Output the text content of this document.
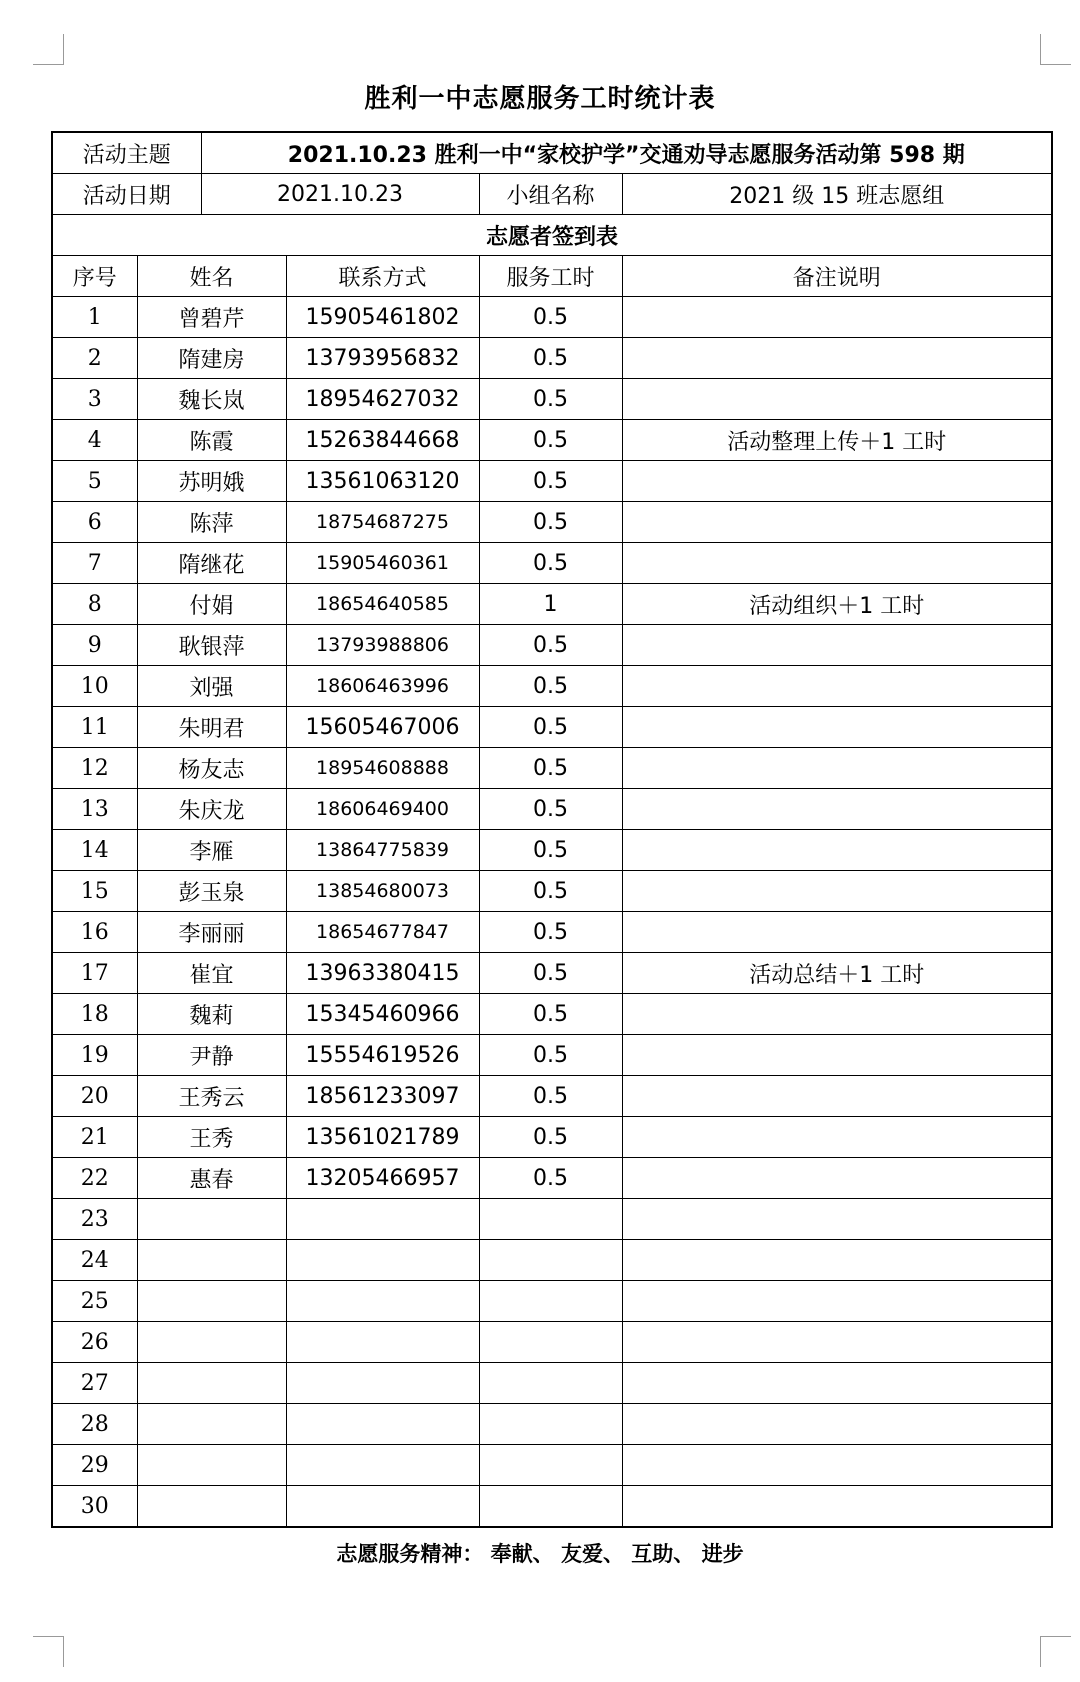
胜利一中志愿服务工时统计表
活动主题		2021.10.23 胜利一中“家校护学”交通劝导志愿服务活动第 598 期			
活动日期		2021.10.23		小组名称	2021 级 15 班志愿组
志愿者签到表					
序号	姓名		联系方式	服务工时	备注说明
1	曾碧芹		15905461802	0.5	
2	隋建房		13793956832	0.5	
3	魏长岚		18954627032	0.5	
4	陈霞		15263844668	0.5	活动整理上传＋1 工时
5	苏明娥		13561063120	0.5	
6	陈萍		18754687275	0.5	
7	隋继花		15905460361	0.5	
8	付娟		18654640585	1	活动组织＋1 工时
9	耿银萍		13793988806	0.5	
10	刘强		18606463996	0.5	
11	朱明君		15605467006	0.5	
12	杨友志		18954608888	0.5	
13	朱庆龙		18606469400	0.5	
14	李雁		13864775839	0.5	
15	彭玉泉		13854680073	0.5	
16	李丽丽		18654677847	0.5	
17	崔宜		13963380415	0.5	活动总结＋1 工时
18	魏莉		15345460966	0.5	
19	尹静		15554619526	0.5	
20	王秀云		18561233097	0.5	
21	王秀		13561021789	0.5	
22	惠春		13205466957	0.5	
23					
24					
25					
26					
27					
28					
29					
30					
志愿服务精神： 奉献、 友爱、 互助、 进步
